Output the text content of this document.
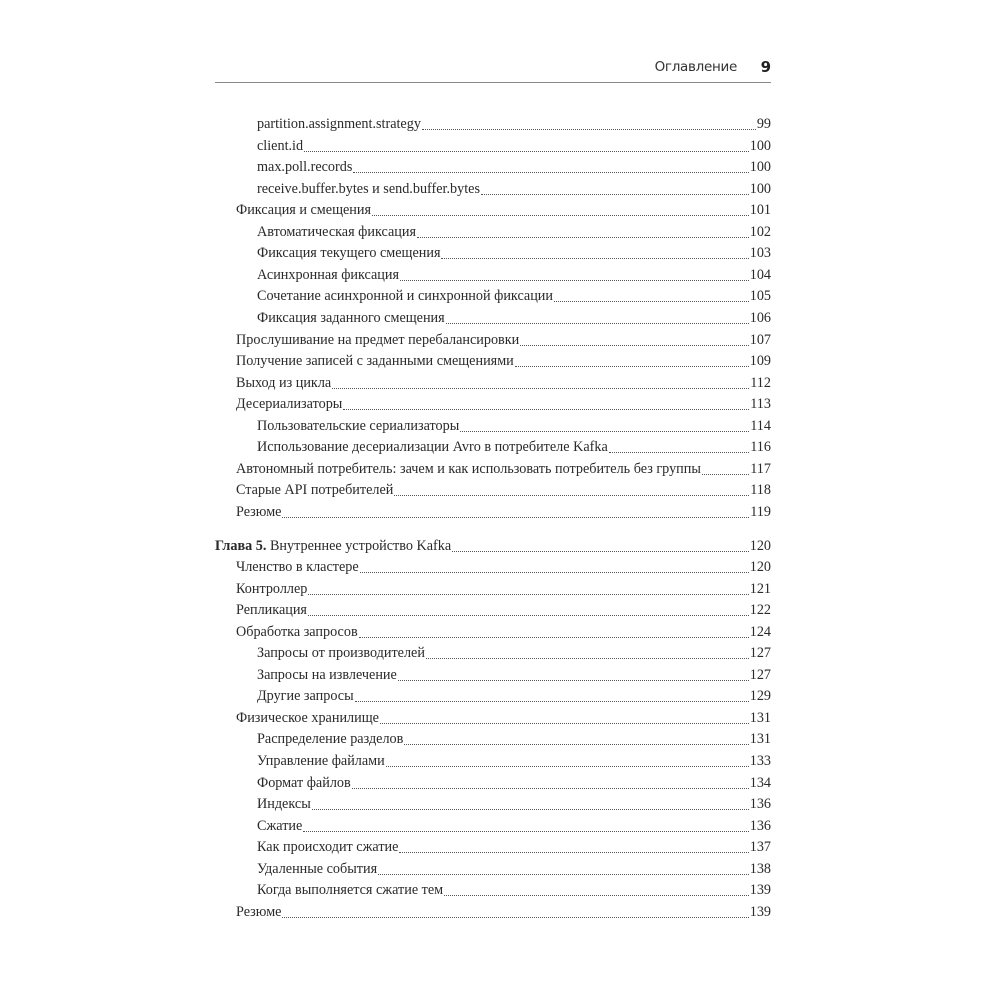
Оглавление 9
partition.assignment.strategy	99
client.id	100
max.poll.records	100
receive.buffer.bytes и send.buffer.bytes	100
Фиксация и смещения	101
Автоматическая фиксация	102
Фиксация текущего смещения	103
Асинхронная фиксация	104
Сочетание асинхронной и синхронной фиксации	105
Фиксация заданного смещения	106
Прослушивание на предмет перебалансировки	107
Получение записей с заданными смещениями	109
Выход из цикла	112
Десериализаторы	113
Пользовательские сериализаторы	114
Использование десериализации Avro в потребителе Kafka	116
Автономный потребитель: зачем и как использовать потребитель без группы	117
Старые API потребителей	118
Резюме	119
Глава 5. Внутреннее устройство Kafka	120
Членство в кластере	120
Контроллер	121
Репликация	122
Обработка запросов	124
Запросы от производителей	127
Запросы на извлечение	127
Другие запросы	129
Физическое хранилище	131
Распределение разделов	131
Управление файлами	133
Формат файлов	134
Индексы	136
Сжатие	136
Как происходит сжатие	137
Удаленные события	138
Когда выполняется сжатие тем	139
Резюме	139
